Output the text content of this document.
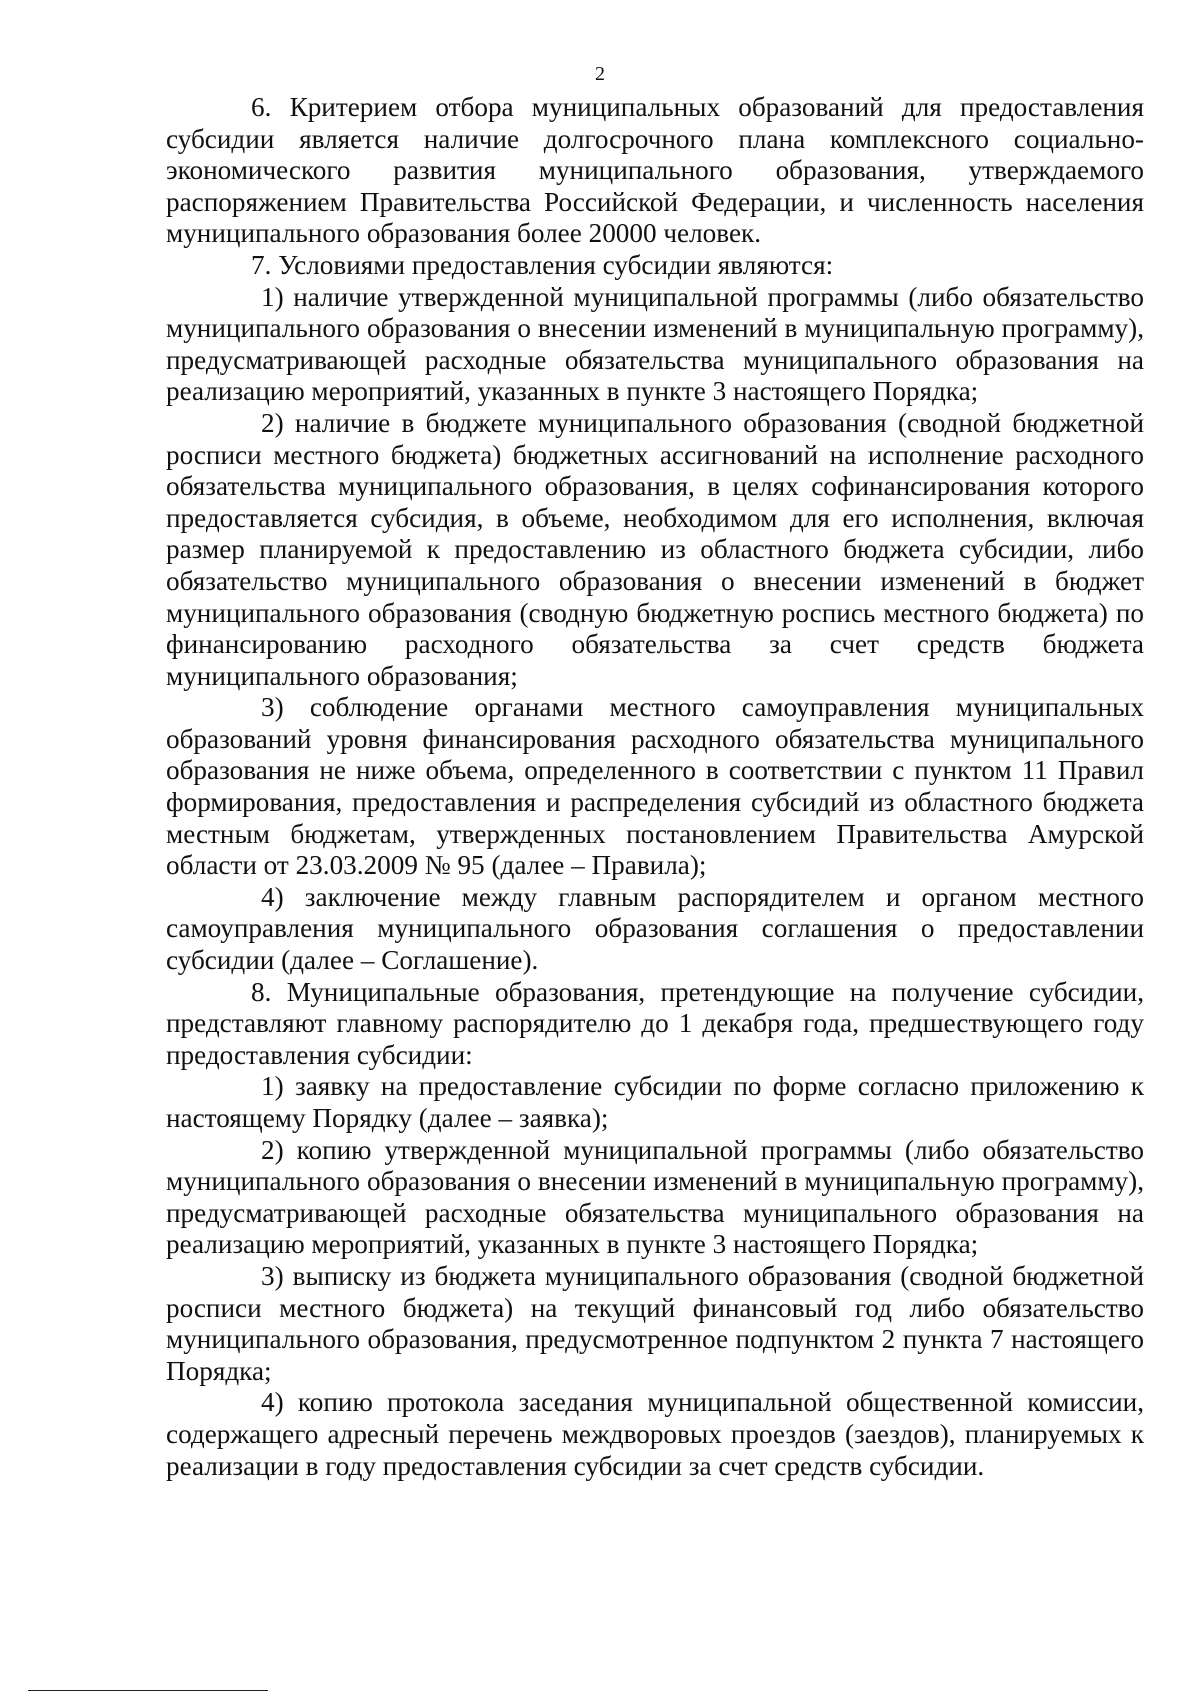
2

6. Критерием отбора муниципальных образований для предоставления субсидии является наличие долгосрочного плана комплексного социально-экономического развития муниципального образования, утверждаемого распоряжением Правительства Российской Федерации, и численность населения муниципального образования более 20000 человек.

7. Условиями предоставления субсидии являются:

1) наличие утвержденной муниципальной программы (либо обязательство муниципального образования о внесении изменений в муниципальную программу), предусматривающей расходные обязательства муниципального образования на реализацию мероприятий, указанных в пункте 3 настоящего Порядка;

2) наличие в бюджете муниципального образования (сводной бюджетной росписи местного бюджета) бюджетных ассигнований на исполнение расходного обязательства муниципального образования, в целях софинансирования которого предоставляется субсидия, в объеме, необходимом для его исполнения, включая размер планируемой к предоставлению из областного бюджета субсидии, либо обязательство муниципального образования о внесении изменений в бюджет муниципального образования (сводную бюджетную роспись местного бюджета) по финансированию расходного обязательства за счет средств бюджета муниципального образования;

3) соблюдение органами местного самоуправления муниципальных образований уровня финансирования расходного обязательства муниципального образования не ниже объема, определенного в соответствии с пунктом 11 Правил формирования, предоставления и распределения субсидий из областного бюджета местным бюджетам, утвержденных постановлением Правительства Амурской области от 23.03.2009 № 95 (далее – Правила);

4) заключение между главным распорядителем и органом местного самоуправления муниципального образования соглашения о предоставлении субсидии (далее – Соглашение).

8. Муниципальные образования, претендующие на получение субсидии, представляют главному распорядителю до 1 декабря года, предшествующего году предоставления субсидии:

1) заявку на предоставление субсидии по форме согласно приложению к настоящему Порядку (далее – заявка);

2) копию утвержденной муниципальной программы (либо обязательство муниципального образования о внесении изменений в муниципальную программу), предусматривающей расходные обязательства муниципального образования на реализацию мероприятий, указанных в пункте 3 настоящего Порядка;

3) выписку из бюджета муниципального образования (сводной бюджетной росписи местного бюджета) на текущий финансовый год либо обязательство муниципального образования, предусмотренное подпунктом 2 пункта 7 настоящего Порядка;

4) копию протокола заседания муниципальной общественной комиссии, содержащего адресный перечень междворовых проездов (заездов), планируемых к реализации в году предоставления субсидии за счет средств субсидии.
